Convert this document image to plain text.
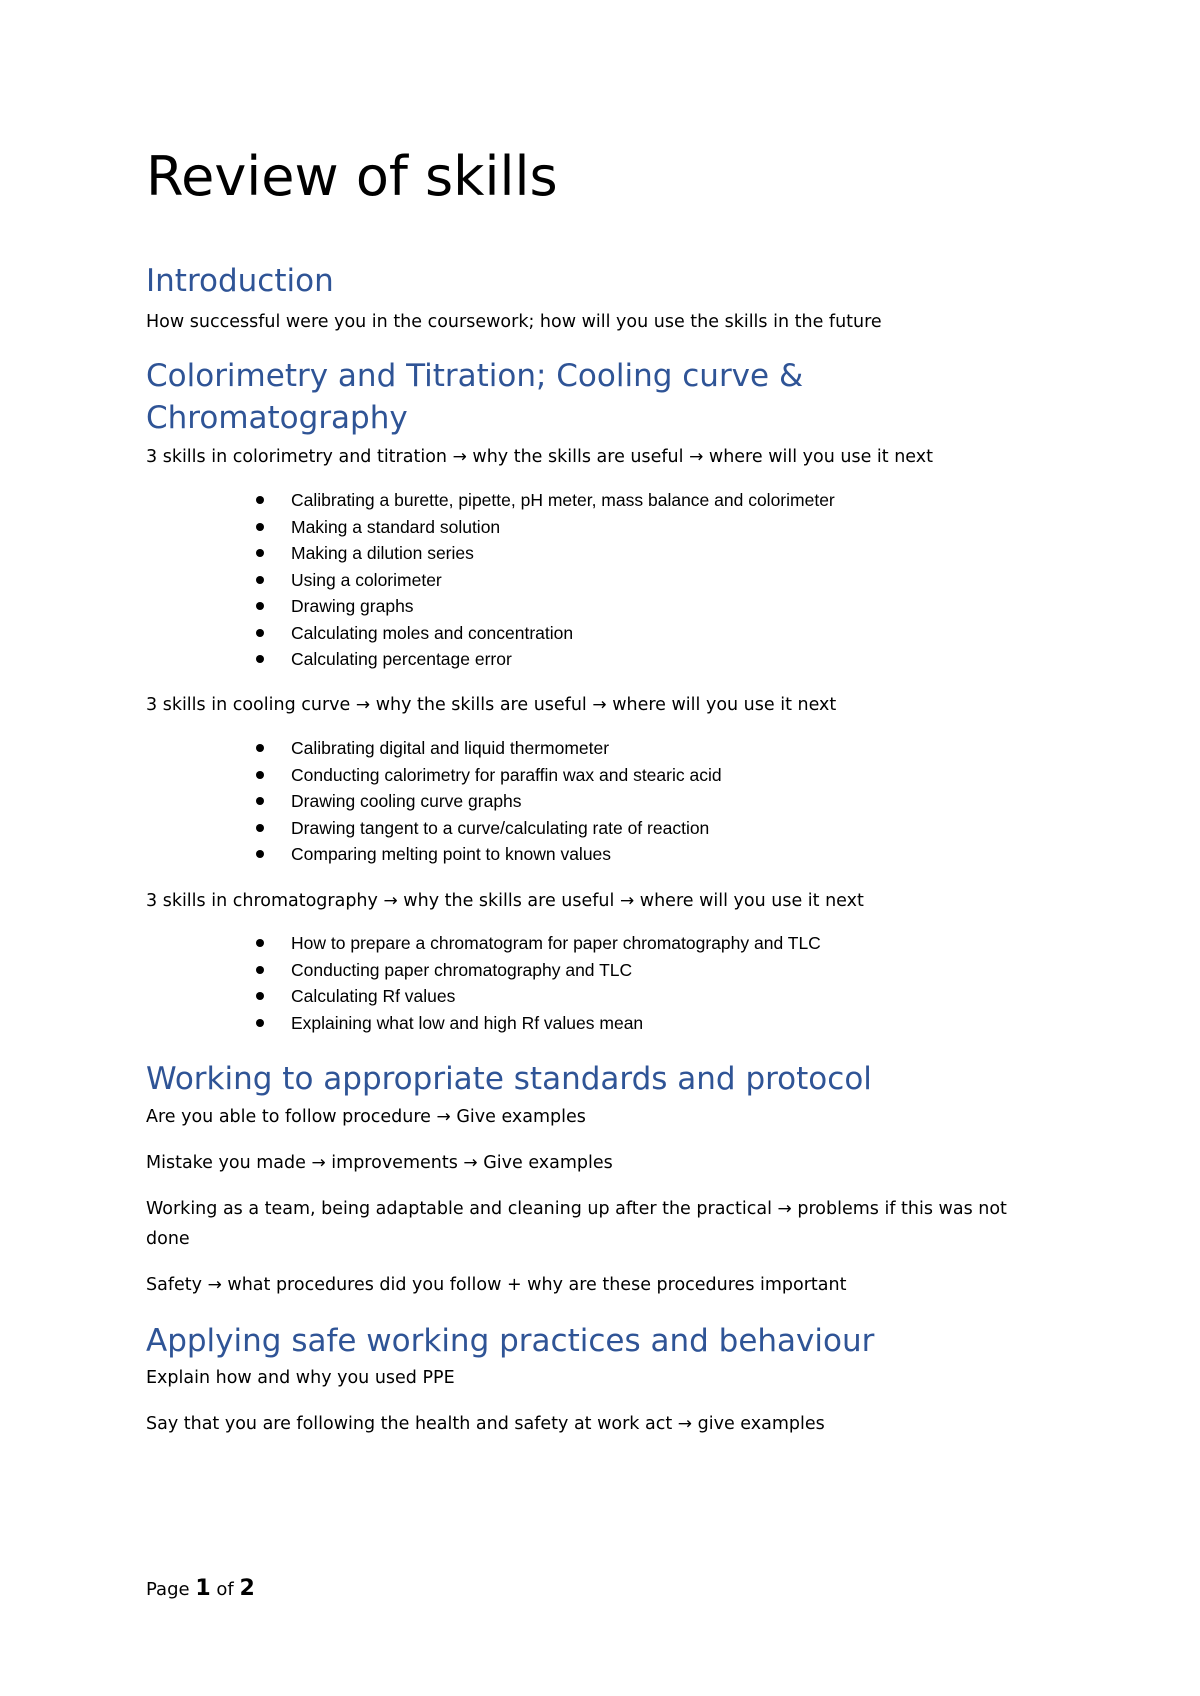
Review of skills
Introduction

How successful were you in the coursework; how will you use the skills in the future

Colorimetry and Titration; Cooling curve &
Chromatography

3 skills in colorimetry and titration → why the skills are useful → where will you use it next

Calibrating a burette, pipette, pH meter, mass balance and colorimeter
Making a standard solution
Making a dilution series
Using a colorimeter
Drawing graphs
Calculating moles and concentration
Calculating percentage error

3 skills in cooling curve → why the skills are useful → where will you use it next

Calibrating digital and liquid thermometer
Conducting calorimetry for paraffin wax and stearic acid
Drawing cooling curve graphs
Drawing tangent to a curve/calculating rate of reaction
Comparing melting point to known values

3 skills in chromatography → why the skills are useful → where will you use it next

How to prepare a chromatogram for paper chromatography and TLC
Conducting paper chromatography and TLC
Calculating Rf values
Explaining what low and high Rf values mean
Working to appropriate standards and protocol

Are you able to follow procedure → Give examples

Mistake you made → improvements → Give examples

Working as a team, being adaptable and cleaning up after the practical → problems if this was not done

Safety → what procedures did you follow + why are these procedures important

Applying safe working practices and behaviour

Explain how and why you used PPE

Say that you are following the health and safety at work act → give examples

Page 1 of 2
